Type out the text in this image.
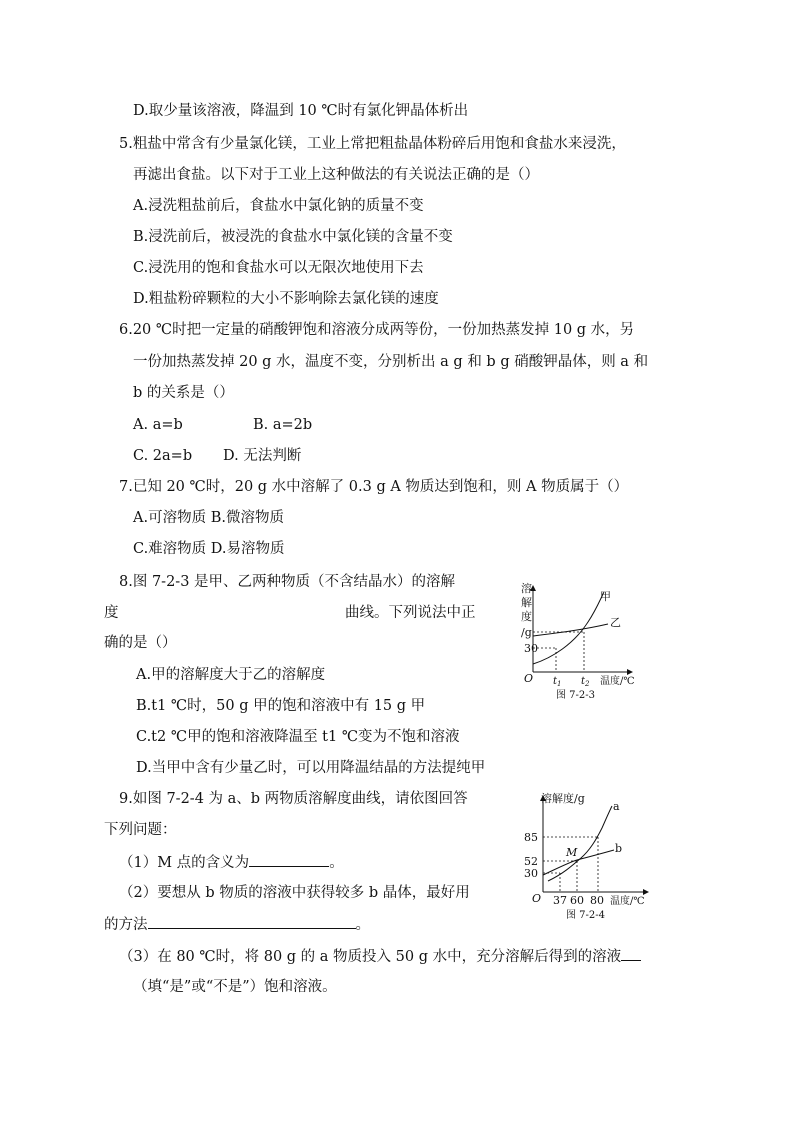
D.取少量该溶液，降温到 10 ℃时有氯化钾晶体析出
5.粗盐中常含有少量氯化镁，工业上常把粗盐晶体粉碎后用饱和食盐水来浸洗，
再滤出食盐。以下对于工业上这种做法的有关说法正确的是（）
A.浸洗粗盐前后，食盐水中氯化钠的质量不变
B.浸洗前后，被浸洗的食盐水中氯化镁的含量不变
C.浸洗用的饱和食盐水可以无限次地使用下去
D.粗盐粉碎颗粒的大小不影响除去氯化镁的速度
6.20 ℃时把一定量的硝酸钾饱和溶液分成两等份，一份加热蒸发掉 10 g 水，另
一份加热蒸发掉 20 g 水，温度不变，分别析出 a g 和 b g 硝酸钾晶体，则 a 和
b 的关系是（）
A. a=b	B. a=2b
C. 2a=b D. 无法判断
7.已知 20 ℃时，20 g 水中溶解了 0.3 g A 物质达到饱和，则 A 物质属于（）
A.可溶物质 B.微溶物质
C.难溶物质 D.易溶物质
8.图 7-2-3 是甲、乙两种物质（不含结晶水）的溶解
度	曲线。下列说法中正
确的是（）
A.甲的溶解度大于乙的溶解度
B.t1 ℃时，50 g 甲的饱和溶液中有 15 g 甲
C.t2 ℃甲的饱和溶液降温至 t1 ℃变为不饱和溶液
D.当甲中含有少量乙时，可以用降温结晶的方法提纯甲
9.如图 7-2-4 为 a、b 两物质溶解度曲线，请依图回答
下列问题：
（1）M 点的含义为	。
（2）要想从 b 物质的溶液中获得较多 b 晶体，最好用
的方法	。
（3）在 80 ℃时，将 80 g 的 a 物质投入 50 g 水中，充分溶解后得到的溶液
（填“是”或“不是”）饱和溶液。
溶
解
度
/g
30
甲
乙
O $t_1$ $t_2$ 温度/℃
图 7-2-3
溶解度/g
85
52
30
a
b
M
O 37 60 80 温度/℃
图 7-2-4
